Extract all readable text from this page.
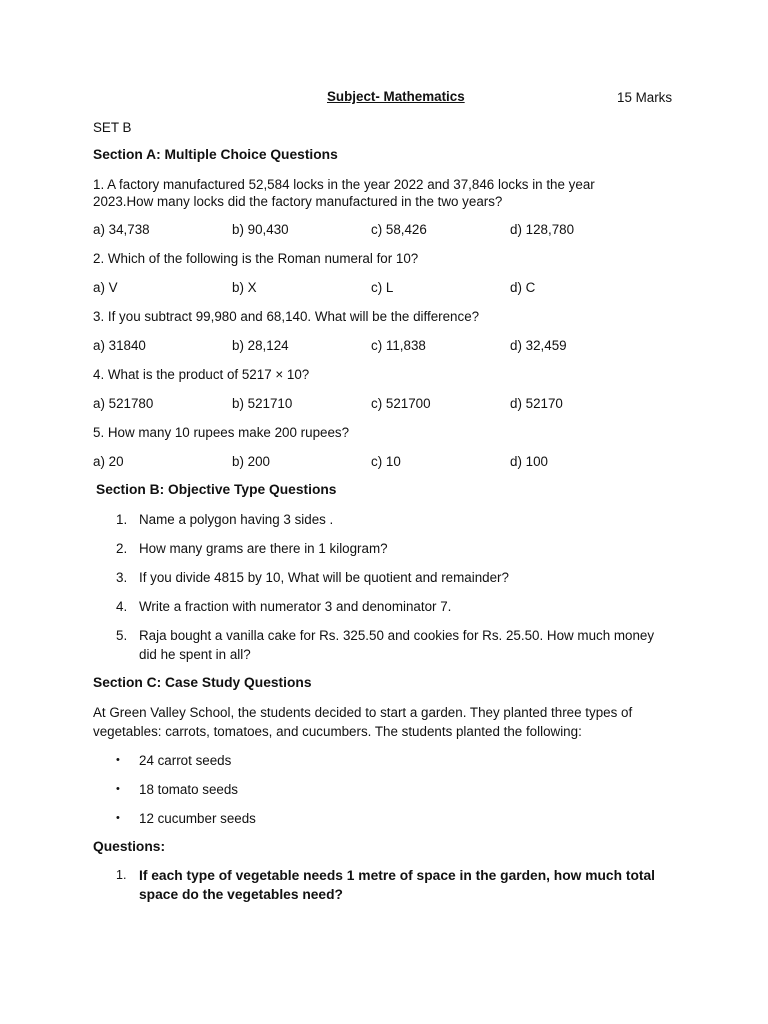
Subject- Mathematics	15 Marks
SET B
Section A: Multiple Choice Questions
1. A factory manufactured 52,584 locks in the year 2022 and 37,846 locks in the year
2023.How many locks did the factory manufactured in the two years?
a) 34,738	b) 90,430	c) 58,426	d) 128,780
2. Which of the following is the Roman numeral for 10?
a) V	b) X	c) L	d) C
3. If you subtract 99,980 and 68,140. What will be the difference?
a) 31840	b) 28,124	c) 11,838	d) 32,459
4. What is the product of 5217 × 10?
a) 521780	b) 521710	c) 521700	d) 52170
5. How many 10 rupees make 200 rupees?
a) 20	b) 200	c) 10	d) 100
Section B: Objective Type Questions
1. Name a polygon having 3 sides .
2. How many grams are there in 1 kilogram?
3. If you divide 4815 by 10, What will be quotient and remainder?
4. Write a fraction with numerator 3 and denominator 7.
5. Raja bought a vanilla cake for Rs. 325.50 and cookies for Rs. 25.50. How much money
did he spent in all?
Section C: Case Study Questions
At Green Valley School, the students decided to start a garden. They planted three types of
vegetables: carrots, tomatoes, and cucumbers. The students planted the following:
• 24 carrot seeds
• 18 tomato seeds
• 12 cucumber seeds
Questions:
1. If each type of vegetable needs 1 metre of space in the garden, how much total
space do the vegetables need?
